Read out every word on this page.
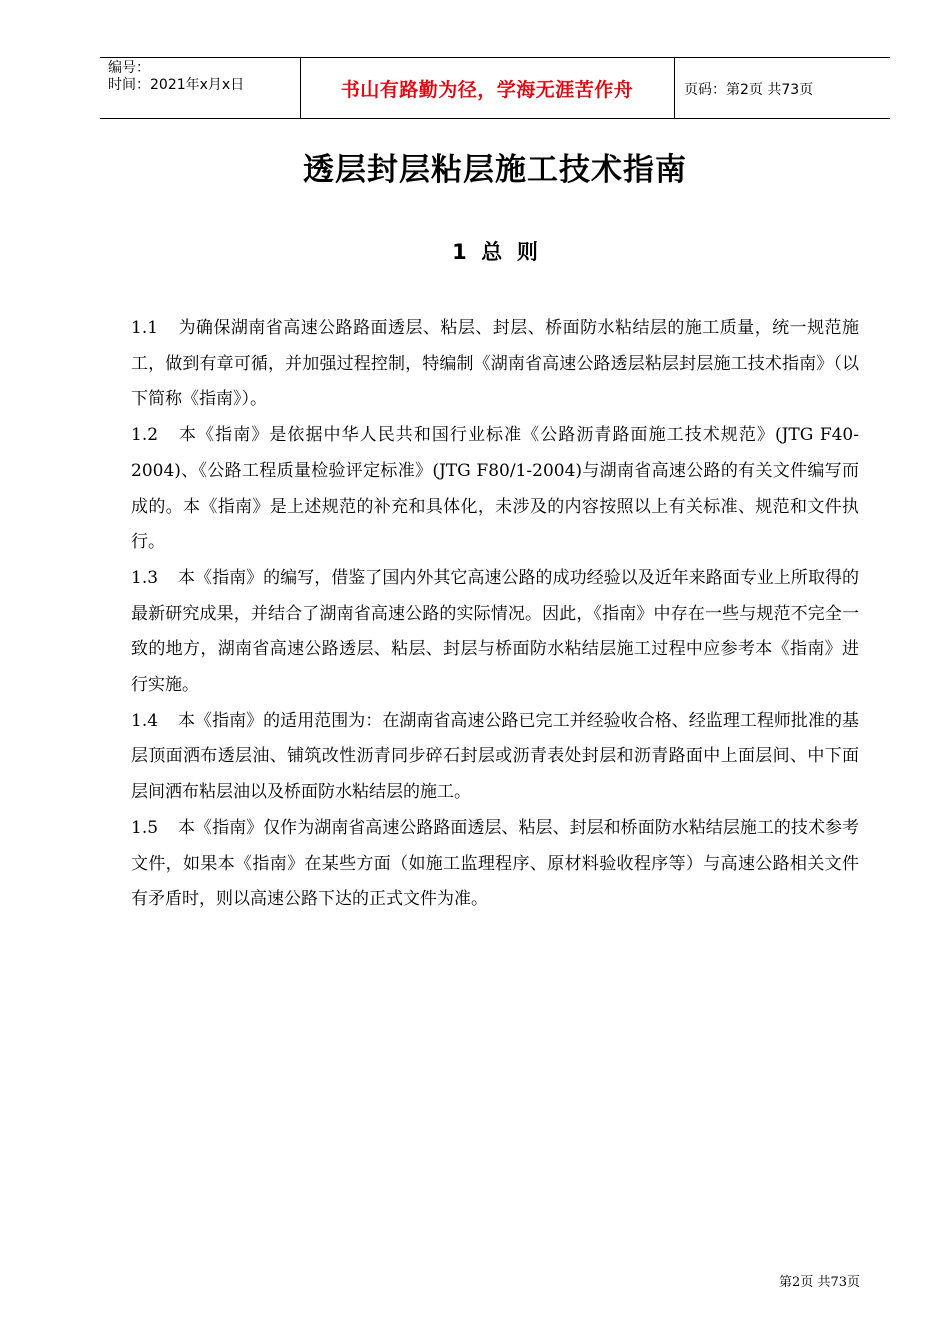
编号：
时间：2021年x月x日	书山有路勤为径，学海无涯苦作舟	页码：第2页 共73页
透层封层粘层施工技术指南
1  总  则

1.1 为确保湖南省高速公路路面透层、粘层、封层、桥面防水粘结层的施工质量，统一规范施工，做到有章可循，并加强过程控制，特编制《湖南省高速公路透层粘层封层施工技术指南》（以下简称《指南》）。

1.2 本《指南》是依据中华人民共和国行业标准《公路沥青路面施工技术规范》(JTG F40-2004)、《公路工程质量检验评定标准》(JTG F80/1-2004)与湖南省高速公路的有关文件编写而成的。本《指南》是上述规范的补充和具体化，未涉及的内容按照以上有关标准、规范和文件执行。

1.3 本《指南》的编写，借鉴了国内外其它高速公路的成功经验以及近年来路面专业上所取得的最新研究成果，并结合了湖南省高速公路的实际情况。因此，《指南》中存在一些与规范不完全一致的地方，湖南省高速公路透层、粘层、封层与桥面防水粘结层施工过程中应参考本《指南》进行实施。

1.4 本《指南》的适用范围为：在湖南省高速公路已完工并经验收合格、经监理工程师批准的基层顶面洒布透层油、铺筑改性沥青同步碎石封层或沥青表处封层和沥青路面中上面层间、中下面层间洒布粘层油以及桥面防水粘结层的施工。

1.5 本《指南》仅作为湖南省高速公路路面透层、粘层、封层和桥面防水粘结层施工的技术参考文件，如果本《指南》在某些方面（如施工监理程序、原材料验收程序等）与高速公路相关文件有矛盾时，则以高速公路下达的正式文件为准。

第2页 共73页
